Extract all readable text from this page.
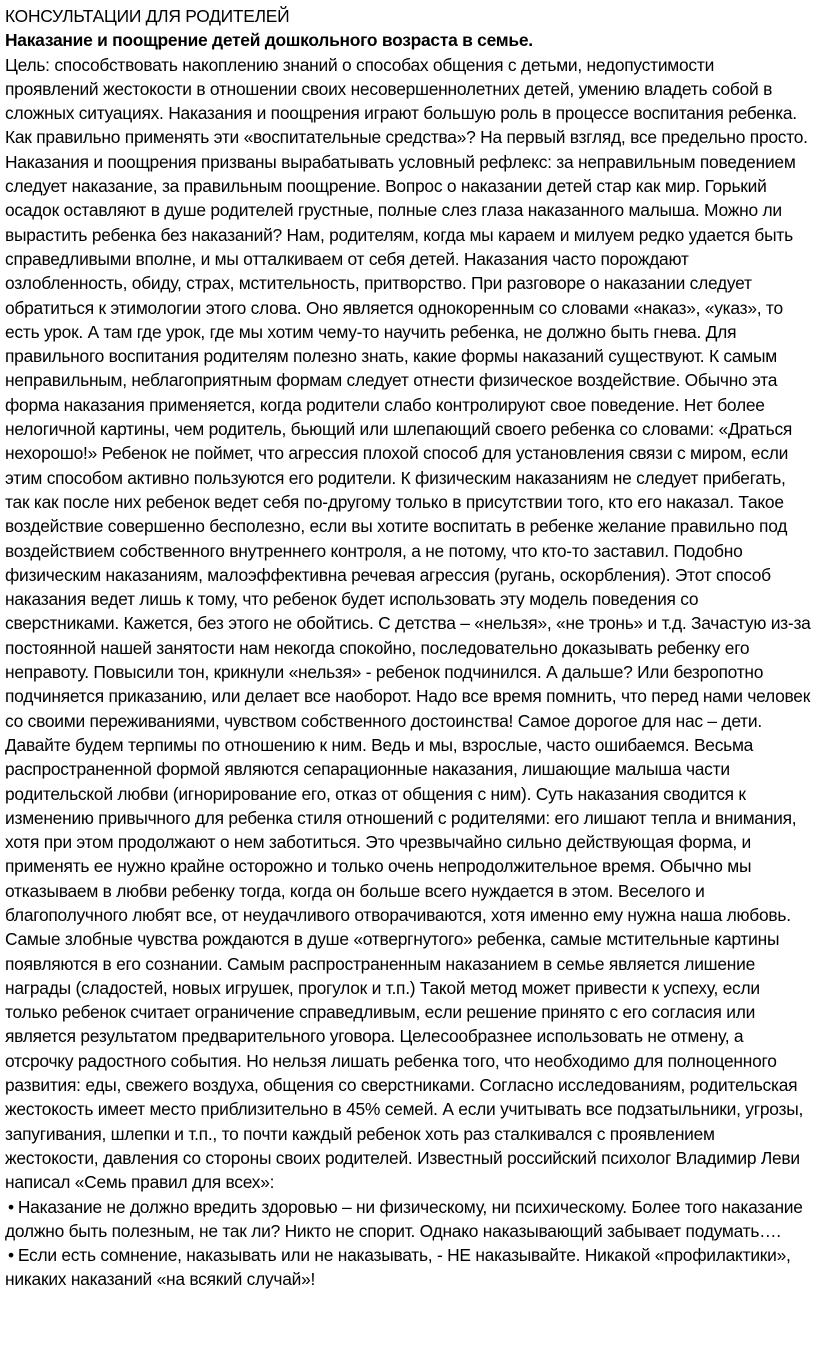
КОНСУЛЬТАЦИИ ДЛЯ РОДИТЕЛЕЙ

Наказание и поощрение детей дошкольного возраста в семье.

Цель: способствовать накоплению знаний о способах общения с детьми, недопустимости проявлений жестокости в отношении своих несовершеннолетних детей, умению владеть собой в сложных ситуациях. Наказания и поощрения играют большую роль в процессе воспитания ребенка. Как правильно применять эти «воспитательные средства»? На первый взгляд, все предельно просто. Наказания и поощрения призваны вырабатывать условный рефлекс: за неправильным поведением следует наказание, за правильным поощрение. Вопрос о наказании детей стар как мир. Горький осадок оставляют в душе родителей грустные, полные слез глаза наказанного малыша. Можно ли вырастить ребенка без наказаний? Нам, родителям, когда мы караем и милуем редко удается быть справедливыми вполне, и мы отталкиваем от себя детей. Наказания часто порождают озлобленность, обиду, страх, мстительность, притворство. При разговоре о наказании следует обратиться к этимологии этого слова. Оно является однокоренным со словами «наказ», «указ», то есть урок. А там где урок, где мы хотим чему-то научить ребенка, не должно быть гнева. Для правильного воспитания родителям полезно знать, какие формы наказаний существуют. К самым неправильным, неблагоприятным формам следует отнести физическое воздействие. Обычно эта форма наказания применяется, когда родители слабо контролируют свое поведение. Нет более нелогичной картины, чем родитель, бьющий или шлепающий своего ребенка со словами: «Драться нехорошо!» Ребенок не поймет, что агрессия плохой способ для установления связи с миром, если этим способом активно пользуются его родители. К физическим наказаниям не следует прибегать, так как после них ребенок ведет себя по-другому только в присутствии того, кто его наказал. Такое воздействие совершенно бесполезно, если вы хотите воспитать в ребенке желание правильно под воздействием собственного внутреннего контроля, а не потому, что кто-то заставил. Подобно физическим наказаниям, малоэффективна речевая агрессия (ругань, оскорбления). Этот способ наказания ведет лишь к тому, что ребенок будет использовать эту модель поведения со сверстниками. Кажется, без этого не обойтись. С детства – «нельзя», «не тронь» и т.д. Зачастую из-за постоянной нашей занятости нам некогда спокойно, последовательно доказывать ребенку его неправоту. Повысили тон, крикнули «нельзя» - ребенок подчинился. А дальше? Или безропотно подчиняется приказанию, или делает все наоборот. Надо все время помнить, что перед нами человек со своими переживаниями, чувством собственного достоинства! Самое дорогое для нас – дети. Давайте будем терпимы по отношению к ним. Ведь и мы, взрослые, часто ошибаемся. Весьма распространенной формой являются сепарационные наказания, лишающие малыша части родительской любви (игнорирование его, отказ от общения с ним). Суть наказания сводится к изменению привычного для ребенка стиля отношений с родителями: его лишают тепла и внимания, хотя при этом продолжают о нем заботиться. Это чрезвычайно сильно действующая форма, и применять ее нужно крайне осторожно и только очень непродолжительное время. Обычно мы отказываем в любви ребенку тогда, когда он больше всего нуждается в этом. Веселого и благополучного любят все, от неудачливого отворачиваются, хотя именно ему нужна наша любовь. Самые злобные чувства рождаются в душе «отвергнутого» ребенка, самые мстительные картины появляются в его сознании. Самым распространенным наказанием в семье является лишение награды (сладостей, новых игрушек, прогулок и т.п.) Такой метод может привести к успеху, если только ребенок считает ограничение справедливым, если решение принято с его согласия или является результатом предварительного уговора. Целесообразнее использовать не отмену, а отсрочку радостного события. Но нельзя лишать ребенка того, что необходимо для полноценного развития: еды, свежего воздуха, общения со сверстниками. Согласно исследованиям, родительская жестокость имеет место приблизительно в 45% семей. А если учитывать все подзатыльники, угрозы, запугивания, шлепки и т.п., то почти каждый ребенок хоть раз сталкивался с проявлением жестокости, давления со стороны своих родителей. Известный российский психолог Владимир Леви написал «Семь правил для всех»:

• Наказание не должно вредить здоровью – ни физическому, ни психическому. Более того наказание должно быть полезным, не так ли? Никто не спорит. Однако наказывающий забывает подумать….

• Если есть сомнение, наказывать или не наказывать, - НЕ наказывайте. Никакой «профилактики», никаких наказаний «на всякий случай»!
